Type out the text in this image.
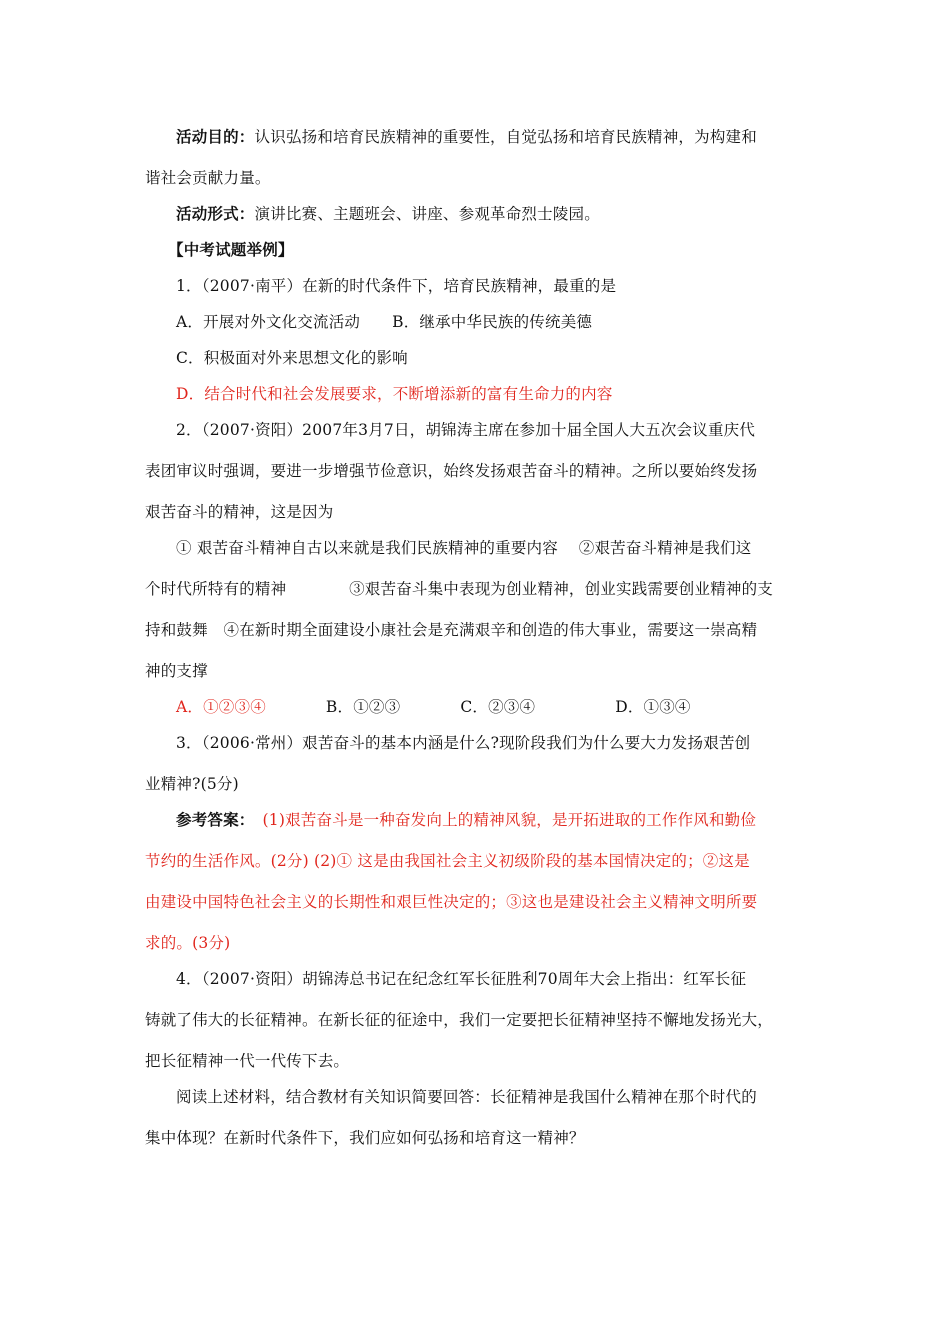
活动目的：认识弘扬和培育民族精神的重要性，自觉弘扬和培育民族精神，为构建和
谐社会贡献力量。
活动形式：演讲比赛、主题班会、讲座、参观革命烈士陵园。
【中考试题举例】
1．（2007·南平）在新的时代条件下，培育民族精神，最重的是
A．开展对外文化交流活动 B．继承中华民族的传统美德
C．积极面对外来思想文化的影响
D．结合时代和社会发展要求，不断增添新的富有生命力的内容
2．（2007·资阳）2007年3月7日，胡锦涛主席在参加十届全国人大五次会议重庆代
表团审议时强调，要进一步增强节俭意识，始终发扬艰苦奋斗的精神。之所以要始终发扬
艰苦奋斗的精神，这是因为
① 艰苦奋斗精神自古以来就是我们民族精神的重要内容　 ②艰苦奋斗精神是我们这
个时代所特有的精神　　　　③艰苦奋斗集中表现为创业精神，创业实践需要创业精神的支
持和鼓舞　④在新时期全面建设小康社会是充满艰辛和创造的伟大事业，需要这一崇高精
神的支撑
A．①②③④	B．①②③	C．②③④	D．①③④
3．（2006·常州）艰苦奋斗的基本内涵是什么?现阶段我们为什么要大力发扬艰苦创
业精神?(5分)
参考答案： (1)艰苦奋斗是一种奋发向上的精神风貌，是开拓进取的工作作风和勤俭
节约的生活作风。(2分) (2)① 这是由我国社会主义初级阶段的基本国情决定的；②这是
由建设中国特色社会主义的长期性和艰巨性决定的；③这也是建设社会主义精神文明所要
求的。(3分)
4．（2007·资阳）胡锦涛总书记在纪念红军长征胜利70周年大会上指出：红军长征
铸就了伟大的长征精神。在新长征的征途中，我们一定要把长征精神坚持不懈地发扬光大，
把长征精神一代一代传下去。
阅读上述材料，结合教材有关知识简要回答：长征精神是我国什么精神在那个时代的
集中体现？在新时代条件下，我们应如何弘扬和培育这一精神？
